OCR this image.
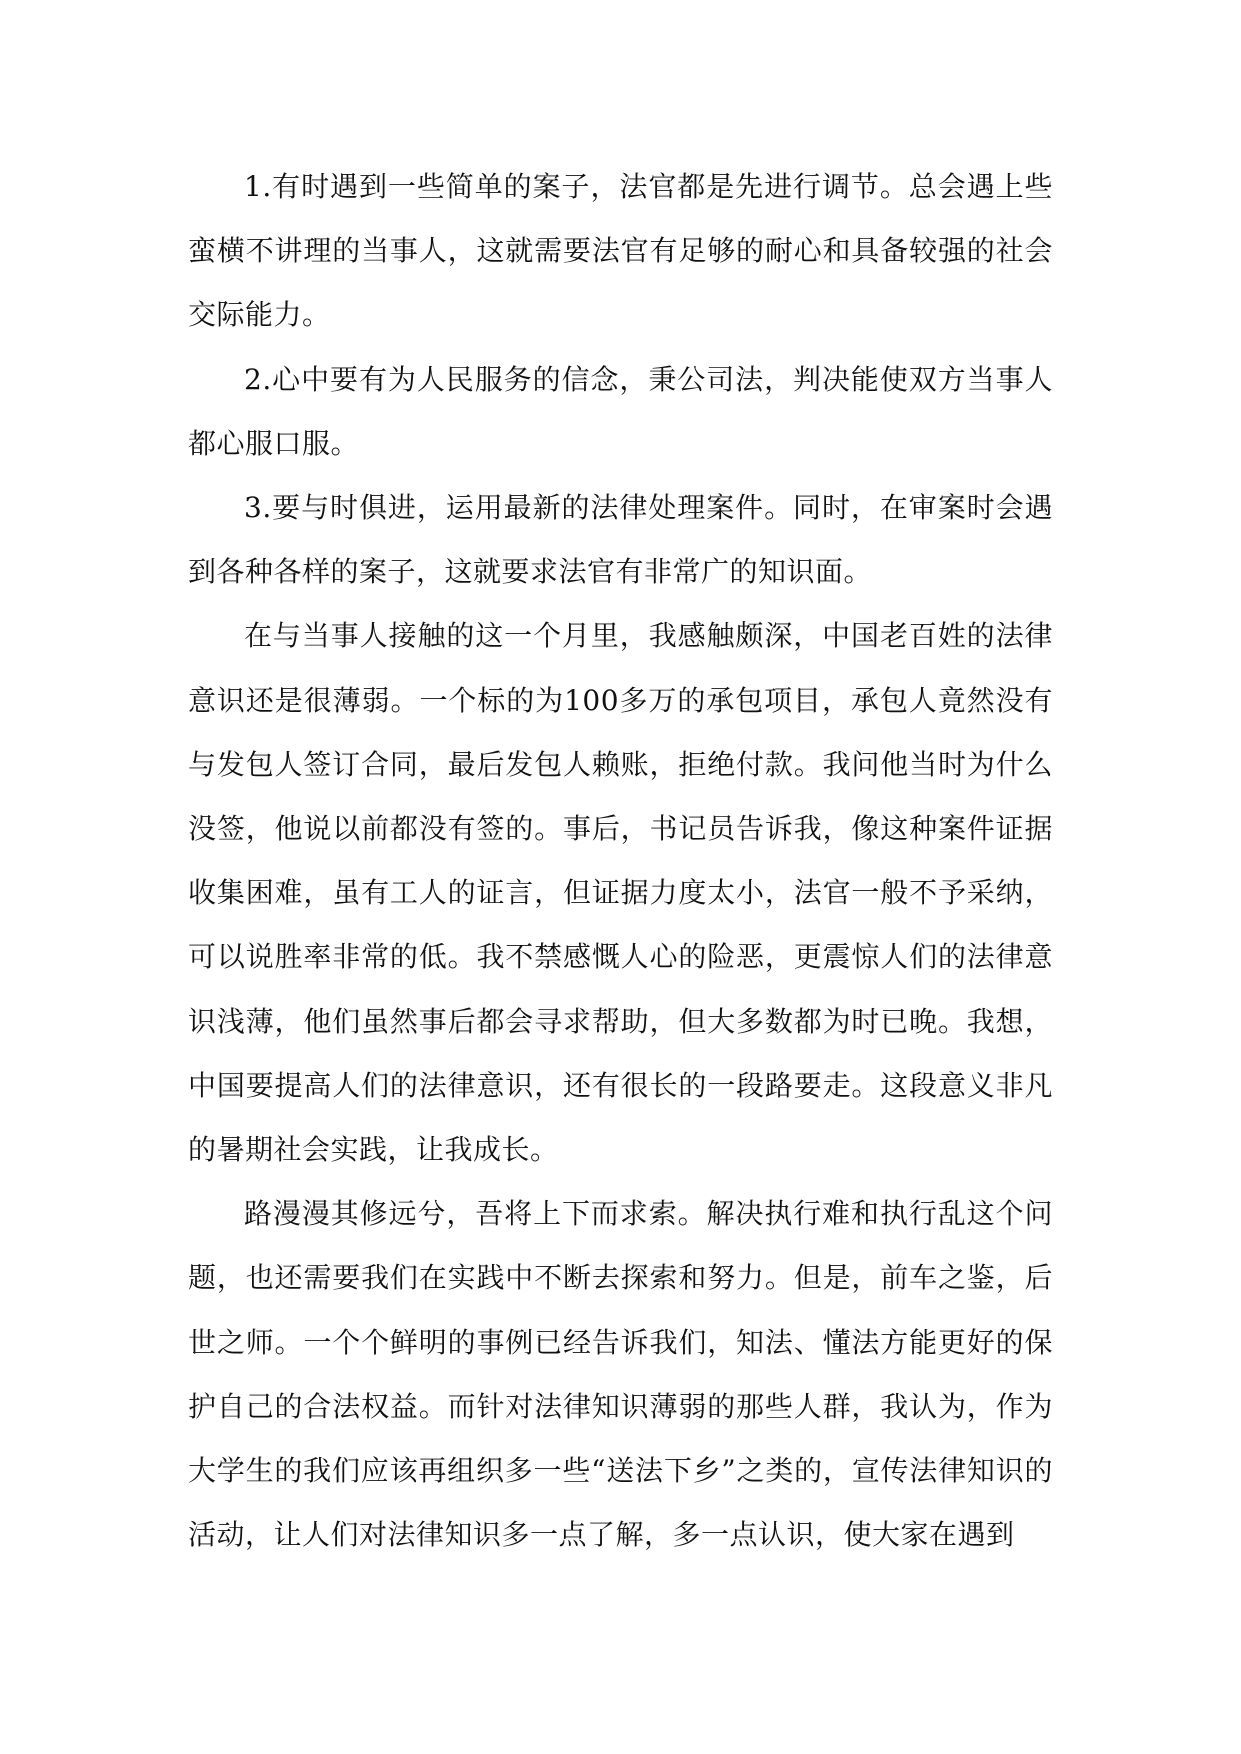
1.有时遇到一些简单的案子，法官都是先进行调节。总会遇上些蛮横不讲理的当事人，这就需要法官有足够的耐心和具备较强的社会交际能力。

2.心中要有为人民服务的信念，秉公司法，判决能使双方当事人都心服口服。

3.要与时俱进，运用最新的法律处理案件。同时，在审案时会遇到各种各样的案子，这就要求法官有非常广的知识面。

在与当事人接触的这一个月里，我感触颇深，中国老百姓的法律意识还是很薄弱。一个标的为100多万的承包项目，承包人竟然没有与发包人签订合同，最后发包人赖账，拒绝付款。我问他当时为什么没签，他说以前都没有签的。事后，书记员告诉我，像这种案件证据收集困难，虽有工人的证言，但证据力度太小，法官一般不予采纳，可以说胜率非常的低。我不禁感慨人心的险恶，更震惊人们的法律意识浅薄，他们虽然事后都会寻求帮助，但大多数都为时已晚。我想，中国要提高人们的法律意识，还有很长的一段路要走。这段意义非凡的暑期社会实践，让我成长。

路漫漫其修远兮，吾将上下而求索。解决执行难和执行乱这个问题，也还需要我们在实践中不断去探索和努力。但是，前车之鉴，后世之师。一个个鲜明的事例已经告诉我们，知法、懂法方能更好的保护自己的合法权益。而针对法律知识薄弱的那些人群，我认为，作为大学生的我们应该再组织多一些“送法下乡”之类的，宣传法律知识的活动，让人们对法律知识多一点了解，多一点认识，使大家在遇到
